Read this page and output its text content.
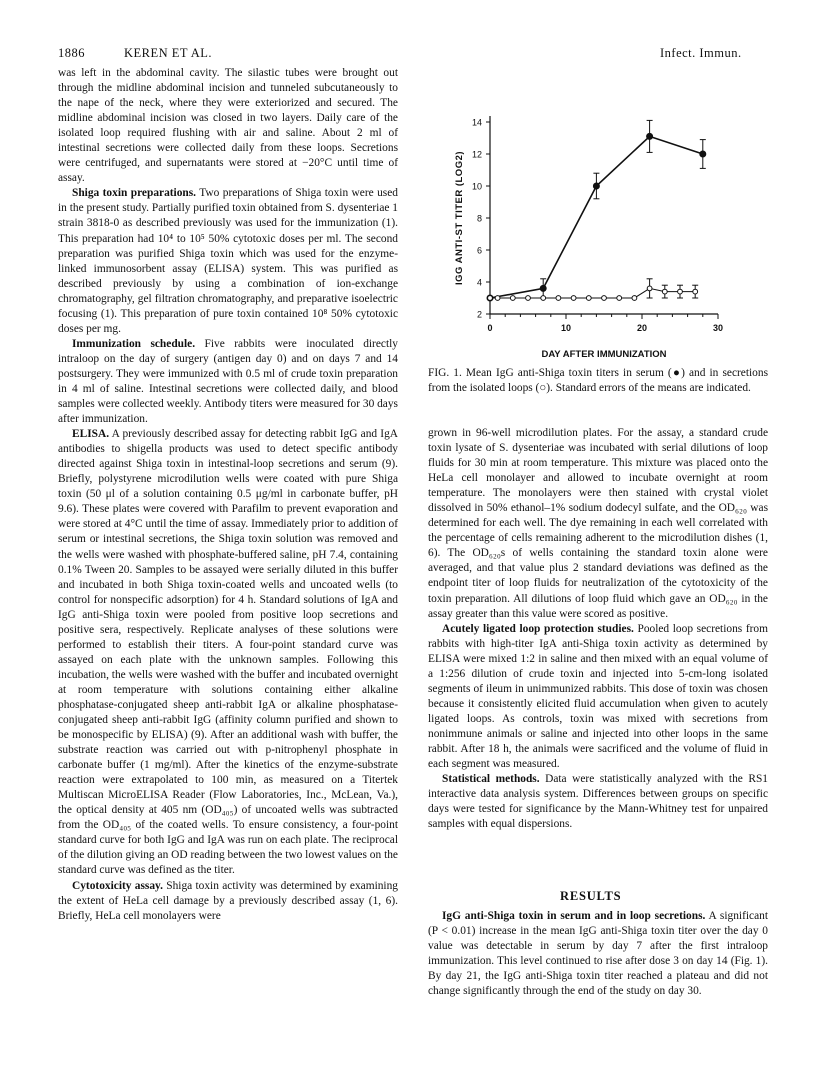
1886	KEREN ET AL.	Infect. Immun.

was left in the abdominal cavity. The silastic tubes were brought out through the midline abdominal incision and tunneled subcutaneously to the nape of the neck, where they were exteriorized and secured. The midline abdominal incision was closed in two layers. Daily care of the isolated loop required flushing with air and saline. About 2 ml of intestinal secretions were collected daily from these loops. Secretions were centrifuged, and supernatants were stored at −20°C until time of assay.

Shiga toxin preparations. Two preparations of Shiga toxin were used in the present study. Partially purified toxin obtained from S. dysenteriae 1 strain 3818-0 as described previously was used for the immunization (1). This preparation had 10⁴ to 10⁵ 50% cytotoxic doses per ml. The second preparation was purified Shiga toxin which was used for the enzyme-linked immunosorbent assay (ELISA) system. This was purified as described previously by using a combination of ion-exchange chromatography, gel filtration chromatography, and preparative isoelectric focusing (1). This preparation of pure toxin contained 10⁸ 50% cytotoxic doses per mg.

Immunization schedule. Five rabbits were inoculated directly intraloop on the day of surgery (antigen day 0) and on days 7 and 14 postsurgery. They were immunized with 0.5 ml of crude toxin preparation in 4 ml of saline. Intestinal secretions were collected daily, and blood samples were collected weekly. Antibody titers were measured for 30 days after immunization.

ELISA. A previously described assay for detecting rabbit IgG and IgA antibodies to shigella products was used to detect specific antibody directed against Shiga toxin in intestinal-loop secretions and serum (9). Briefly, polystyrene microdilution wells were coated with pure Shiga toxin (50 μl of a solution containing 0.5 μg/ml in carbonate buffer, pH 9.6). These plates were covered with Parafilm to prevent evaporation and were stored at 4°C until the time of assay. Immediately prior to addition of serum or intestinal secretions, the Shiga toxin solution was removed and the wells were washed with phosphate-buffered saline, pH 7.4, containing 0.1% Tween 20. Samples to be assayed were serially diluted in this buffer and incubated in both Shiga toxin-coated wells and uncoated wells (to control for nonspecific adsorption) for 4 h. Standard solutions of IgA and IgG anti-Shiga toxin were pooled from positive loop secretions and positive sera, respectively. Replicate analyses of these solutions were performed to establish their titers. A four-point standard curve was assayed on each plate with the unknown samples. Following this incubation, the wells were washed with the buffer and incubated overnight at room temperature with solutions containing either alkaline phosphatase-conjugated sheep anti-rabbit IgA or alkaline phosphatase-conjugated sheep anti-rabbit IgG (affinity column purified and shown to be monospecific by ELISA) (9). After an additional wash with buffer, the substrate reaction was carried out with p-nitrophenyl phosphate in carbonate buffer (1 mg/ml). After the kinetics of the enzyme-substrate reaction were extrapolated to 100 min, as measured on a Titertek Multiscan MicroELISA Reader (Flow Laboratories, Inc., McLean, Va.), the optical density at 405 nm (OD₄₀₅) of uncoated wells was subtracted from the OD₄₀₅ of the coated wells. To ensure consistency, a four-point standard curve for both IgG and IgA was run on each plate. The reciprocal of the dilution giving an OD reading between the two lowest values on the standard curve was defined as the titer.

Cytotoxicity assay. Shiga toxin activity was determined by examining the extent of HeLa cell damage by a previously described assay (1, 6). Briefly, HeLa cell monolayers were

2
4
6
8
10
12
14
0	10	20	30
DAY AFTER IMMUNIZATION
IGG ANTI-ST TITER (LOG2)
FIG. 1. Mean IgG anti-Shiga toxin titers in serum (●) and in secretions from the isolated loops (○). Standard errors of the means are indicated.

grown in 96-well microdilution plates. For the assay, a standard crude toxin lysate of S. dysenteriae was incubated with serial dilutions of loop fluids for 30 min at room temperature. This mixture was placed onto the HeLa cell monolayer and allowed to incubate overnight at room temperature. The monolayers were then stained with crystal violet dissolved in 50% ethanol–1% sodium dodecyl sulfate, and the OD₆₂₀ was determined for each well. The dye remaining in each well correlated with the percentage of cells remaining adherent to the microdilution dishes (1, 6). The OD₆₂₀s of wells containing the standard toxin alone were averaged, and that value plus 2 standard deviations was defined as the endpoint titer of loop fluids for neutralization of the cytotoxicity of the toxin preparation. All dilutions of loop fluid which gave an OD₆₂₀ in the assay greater than this value were scored as positive.

Acutely ligated loop protection studies. Pooled loop secretions from rabbits with high-titer IgA anti-Shiga toxin activity as determined by ELISA were mixed 1:2 in saline and then mixed with an equal volume of a 1:256 dilution of crude toxin and injected into 5-cm-long isolated segments of ileum in unimmunized rabbits. This dose of toxin was chosen because it consistently elicited fluid accumulation when given to acutely ligated loops. As controls, toxin was mixed with secretions from nonimmune animals or saline and injected into other loops in the same rabbit. After 18 h, the animals were sacrificed and the volume of fluid in each segment was measured.

Statistical methods. Data were statistically analyzed with the RS1 interactive data analysis system. Differences between groups on specific days were tested for significance by the Mann-Whitney test for unpaired samples with equal dispersions.

RESULTS

IgG anti-Shiga toxin in serum and in loop secretions. A significant (P < 0.01) increase in the mean IgG anti-Shiga toxin titer over the day 0 value was detectable in serum by day 7 after the first intraloop immunization. This level continued to rise after dose 3 on day 14 (Fig. 1). By day 21, the IgG anti-Shiga toxin titer reached a plateau and did not change significantly through the end of the study on day 30.
